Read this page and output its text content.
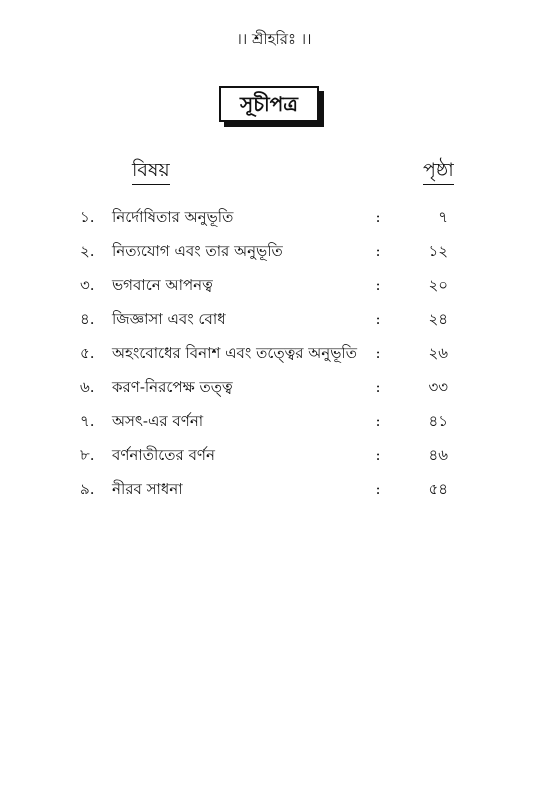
।। শ্রীহরিঃ ।।
সূচীপত্র
বিষয়	পৃষ্ঠা
১.	নির্দোষিতার অনুভূতি	:	৭
২.	নিত্যযোগ এবং তার অনুভূতি	:	১২
৩.	ভগবানে আপনত্ব	:	২০
৪.	জিজ্ঞাসা এবং বোধ	:	২৪
৫.	অহংবোধের বিনাশ এবং তত্ত্বের অনুভূতি :	২৬
৬.	করণ-নিরপেক্ষ তত্ত্ব	:	৩৩
৭.	অসৎ-এর বর্ণনা	:	৪১
৮.	বর্ণনাতীতের বর্ণন	:	৪৬
৯.	নীরব সাধনা	:	৫৪
